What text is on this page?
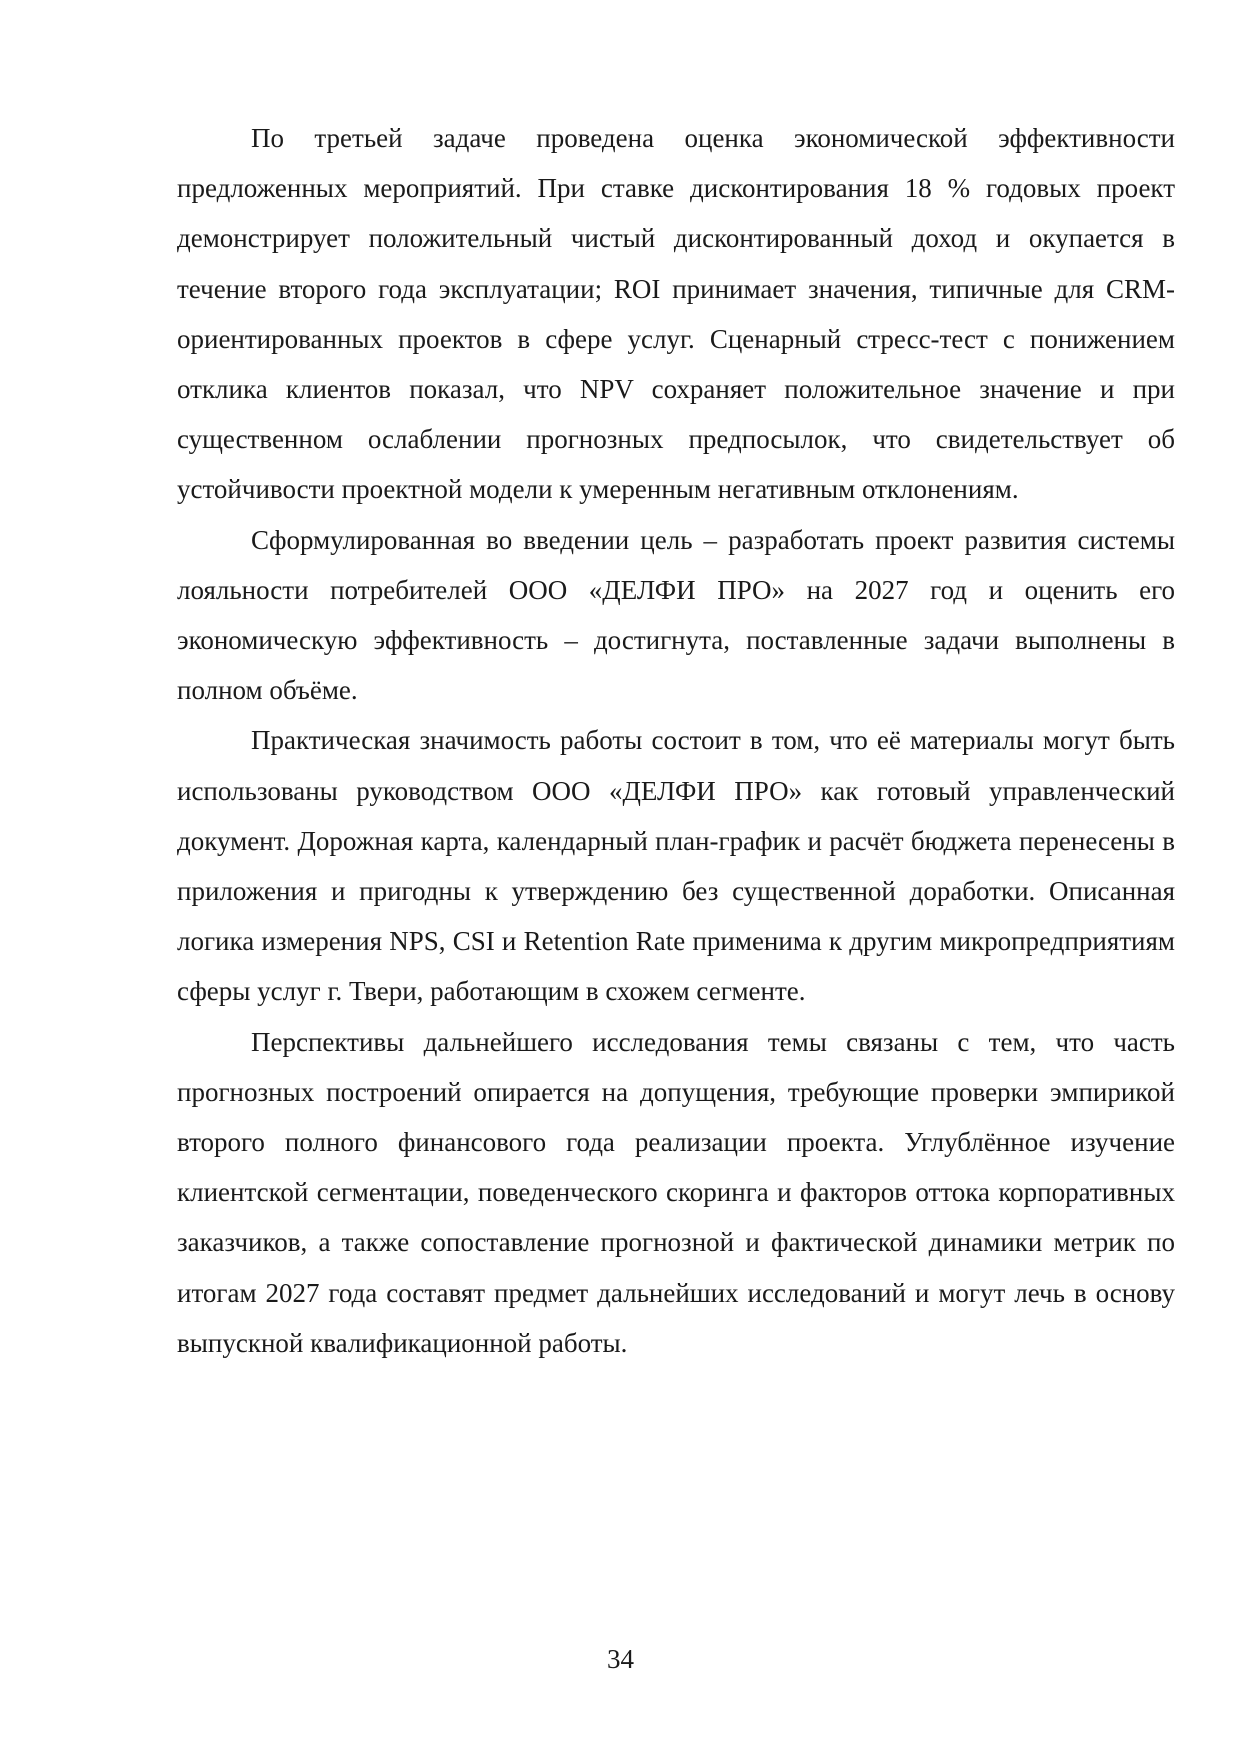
По третьей задаче проведена оценка экономической эффективности предложенных мероприятий. При ставке дисконтирования 18 % годовых проект демонстрирует положительный чистый дисконтированный доход и окупается в течение второго года эксплуатации; ROI принимает значения, типичные для CRM-ориентированных проектов в сфере услуг. Сценарный стресс-тест с понижением отклика клиентов показал, что NPV сохраняет положительное значение и при существенном ослаблении прогнозных предпосылок, что свидетельствует об устойчивости проектной модели к умеренным негативным отклонениям.

Сформулированная во введении цель – разработать проект развития системы лояльности потребителей ООО «ДЕЛФИ ПРО» на 2027 год и оценить его экономическую эффективность – достигнута, поставленные задачи выполнены в полном объёме.

Практическая значимость работы состоит в том, что её материалы могут быть использованы руководством ООО «ДЕЛФИ ПРО» как готовый управленческий документ. Дорожная карта, календарный план-график и расчёт бюджета перенесены в приложения и пригодны к утверждению без существенной доработки. Описанная логика измерения NPS, CSI и Retention Rate применима к другим микропредприятиям сферы услуг г. Твери, работающим в схожем сегменте.

Перспективы дальнейшего исследования темы связаны с тем, что часть прогнозных построений опирается на допущения, требующие проверки эмпирикой второго полного финансового года реализации проекта. Углублённое изучение клиентской сегментации, поведенческого скоринга и факторов оттока корпоративных заказчиков, а также сопоставление прогнозной и фактической динамики метрик по итогам 2027 года составят предмет дальнейших исследований и могут лечь в основу выпускной квалификационной работы.

34
